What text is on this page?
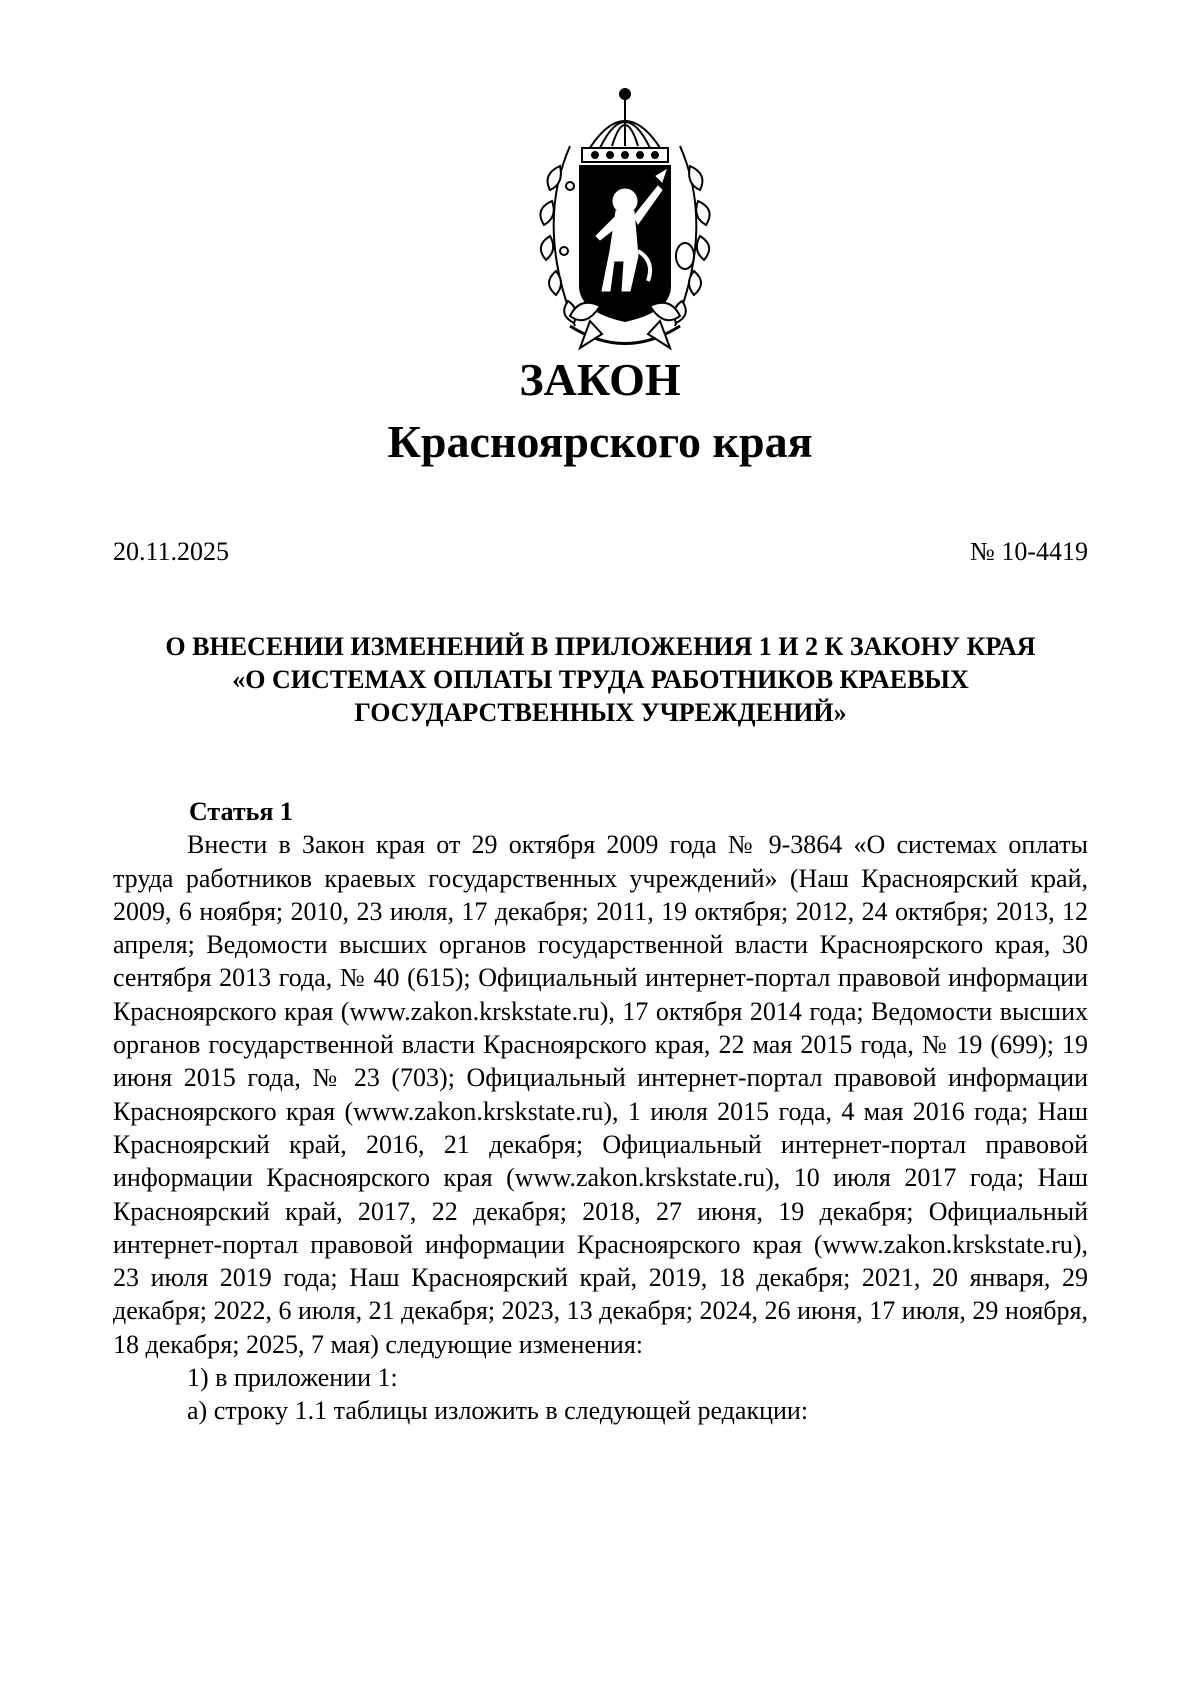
ЗАКОН
Красноярского края
20.11.2025	№ 10-4419
О ВНЕСЕНИИ ИЗМЕНЕНИЙ В ПРИЛОЖЕНИЯ 1 И 2 К ЗАКОНУ КРАЯ
«О СИСТЕМАХ ОПЛАТЫ ТРУДА РАБОТНИКОВ КРАЕВЫХ
ГОСУДАРСТВЕННЫХ УЧРЕЖДЕНИЙ»
Статья 1

Внести в Закон края от 29 октября 2009 года № 9-3864 «О системах оплаты труда работников краевых государственных учреждений» (Наш Красноярский край, 2009, 6 ноября; 2010, 23 июля, 17 декабря; 2011, 19 октября; 2012, 24 октября; 2013, 12 апреля; Ведомости высших органов государственной власти Красноярского края, 30 сентября 2013 года, № 40 (615); Официальный интернет-портал правовой информации Красноярского края (www.zakon.krskstate.ru), 17 октября 2014 года; Ведомости высших органов государственной власти Красноярского края, 22 мая 2015 года, № 19 (699); 19 июня 2015 года, № 23 (703); Официальный интернет-портал правовой информации Красноярского края (www.zakon.krskstate.ru), 1 июля 2015 года, 4 мая 2016 года; Наш Красноярский край, 2016, 21 декабря; Официальный интернет-портал правовой информации Красноярского края (www.zakon.krskstate.ru), 10 июля 2017 года; Наш Красноярский край, 2017, 22 декабря; 2018, 27 июня, 19 декабря; Официальный интернет-портал правовой информации Красноярского края (www.zakon.krskstate.ru), 23 июля 2019 года; Наш Красноярский край, 2019, 18 декабря; 2021, 20 января, 29 декабря; 2022, 6 июля, 21 декабря; 2023, 13 декабря; 2024, 26 июня, 17 июля, 29 ноября, 18 декабря; 2025, 7 мая) следующие изменения:

1) в приложении 1:
а) строку 1.1 таблицы изложить в следующей редакции:
